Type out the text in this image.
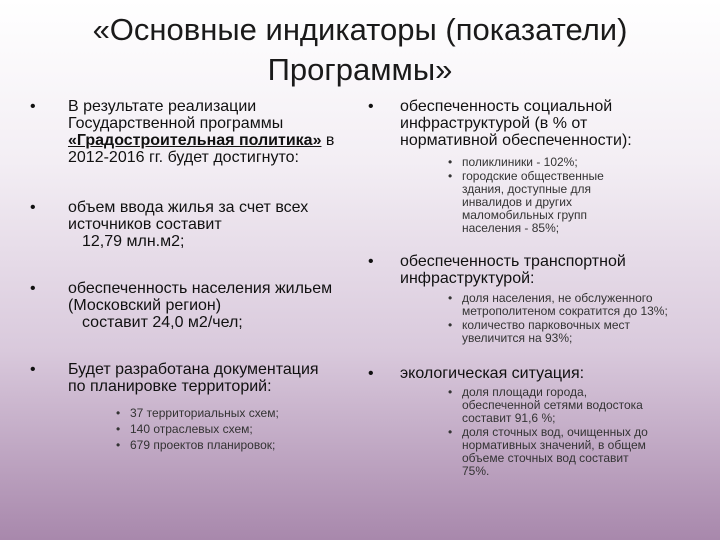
«Основные индикаторы (показатели)
Программы»
• В результате реализации Государственной программы «Градостроительная политика» в 2012-2016 гг. будет достигнуто:
• объем ввода жилья за счет всех источников составит
12,79 млн.м2;
• обеспеченность населения жильем (Московский регион)
составит 24,0 м2/чел;
• Будет разработана документация по планировке территорий:
• 37 территориальных схем;
• 140 отраслевых схем;
• 679 проектов планировок;
• обеспеченность социальной инфраструктурой (в % от нормативной обеспеченности):
• поликлиники - 102%;
• городские общественные здания, доступные для инвалидов и других маломобильных групп населения - 85%;
• обеспеченность транспортной инфраструктурой:
• доля населения, не обслуженного метрополитеном сократится до 13%;
• количество парковочных мест увеличится на 93%;
• экологическая ситуация:
• доля площади города, обеспеченной сетями водостока составит 91,6 %;
• доля сточных вод, очищенных до нормативных значений, в общем объеме сточных вод составит 75%.
